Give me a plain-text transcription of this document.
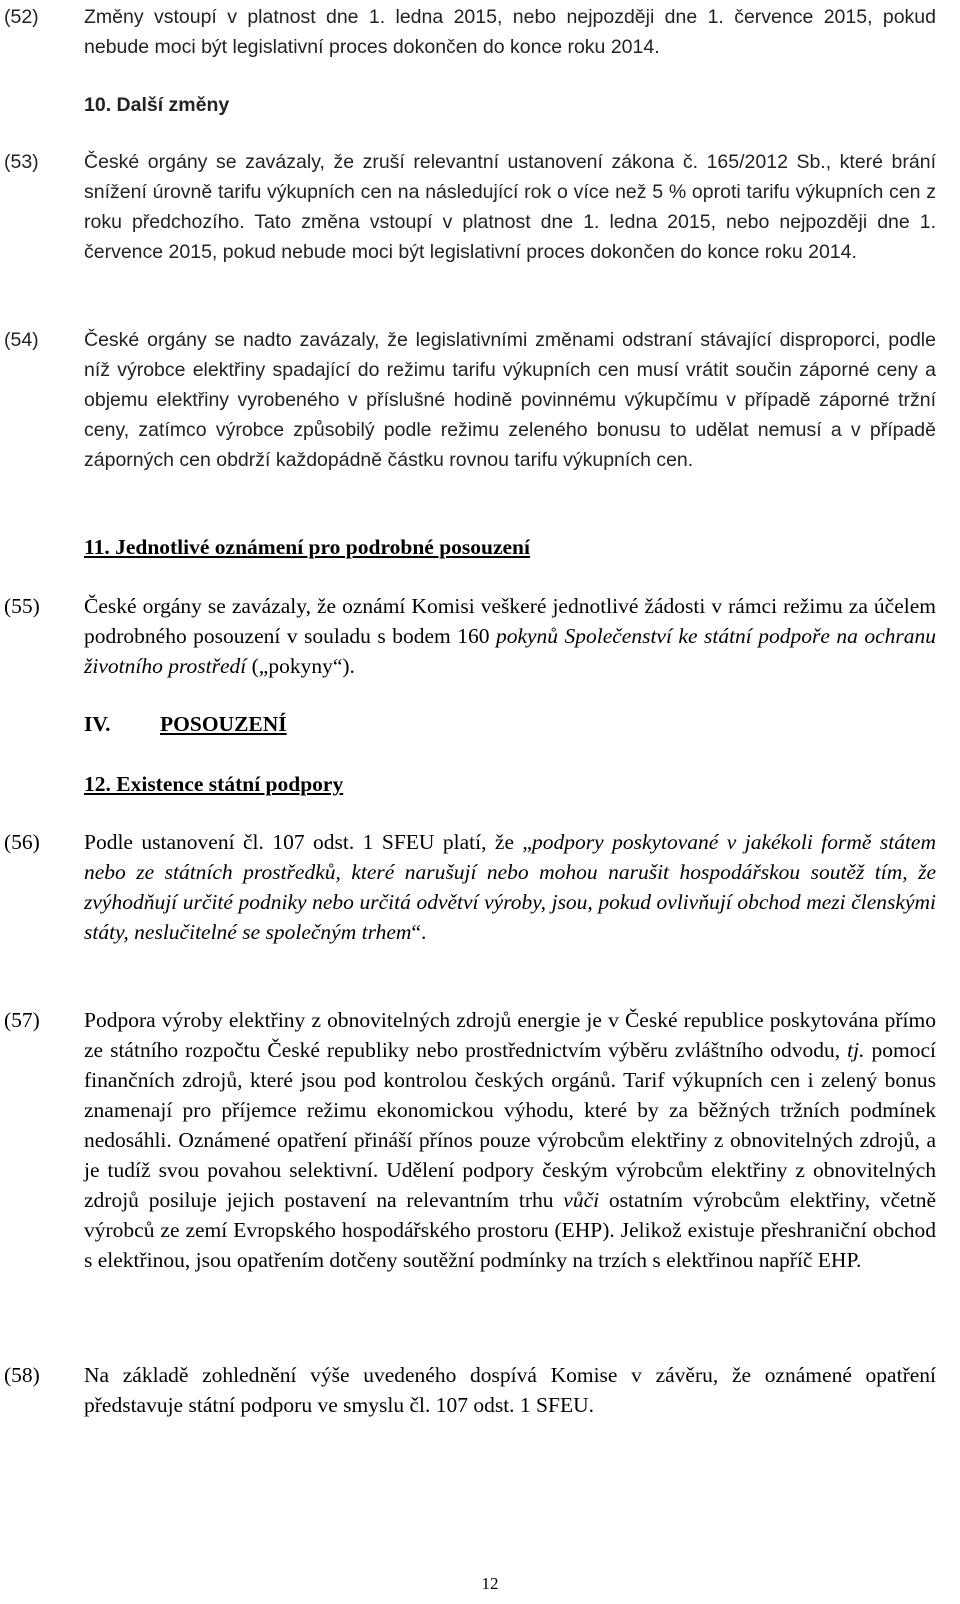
(52) Změny vstoupí v platnost dne 1. ledna 2015, nebo nejpozději dne 1. července 2015, pokud nebude moci být legislativní proces dokončen do konce roku 2014.
10. Další změny
(53) České orgány se zavázaly, že zruší relevantní ustanovení zákona č. 165/2012 Sb., které brání snížení úrovně tarifu výkupních cen na následující rok o více než 5 % oproti tarifu výkupních cen z roku předchozího. Tato změna vstoupí v platnost dne 1. ledna 2015, nebo nejpozději dne 1. července 2015, pokud nebude moci být legislativní proces dokončen do konce roku 2014.
(54) České orgány se nadto zavázaly, že legislativními změnami odstraní stávající disproporci, podle níž výrobce elektřiny spadající do režimu tarifu výkupních cen musí vrátit součin záporné ceny a objemu elektřiny vyrobeného v příslušné hodině povinnému výkupčímu v případě záporné tržní ceny, zatímco výrobce způsobilý podle režimu zeleného bonusu to udělat nemusí a v případě záporných cen obdrží každopádně částku rovnou tarifu výkupních cen.
11. Jednotlivé oznámení pro podrobné posouzení
(55) České orgány se zavázaly, že oznámí Komisi veškeré jednotlivé žádosti v rámci režimu za účelem podrobného posouzení v souladu s bodem 160 pokynů Společenství ke státní podpoře na ochranu životního prostředí („pokyny“).
IV. POSOUZENÍ
12. Existence státní podpory
(56) Podle ustanovení čl. 107 odst. 1 SFEU platí, že „podpory poskytované v jakékoli formě státem nebo ze státních prostředků, které narušují nebo mohou narušit hospodářskou soutěž tím, že zvýhodňují určité podniky nebo určitá odvětví výroby, jsou, pokud ovlivňují obchod mezi členskými státy, neslučitelné se společným trhem“.
(57) Podpora výroby elektřiny z obnovitelných zdrojů energie je v České republice poskytována přímo ze státního rozpočtu České republiky nebo prostřednictvím výběru zvláštního odvodu, tj. pomocí finančních zdrojů, které jsou pod kontrolou českých orgánů. Tarif výkupních cen i zelený bonus znamenají pro příjemce režimu ekonomickou výhodu, které by za běžných tržních podmínek nedosáhli. Oznámené opatření přináší přínos pouze výrobcům elektřiny z obnovitelných zdrojů, a je tudíž svou povahou selektivní. Udělení podpory českým výrobcům elektřiny z obnovitelných zdrojů posiluje jejich postavení na relevantním trhu vůči ostatním výrobcům elektřiny, včetně výrobců ze zemí Evropského hospodářského prostoru (EHP). Jelikož existuje přeshraniční obchod s elektřinou, jsou opatřením dotčeny soutěžní podmínky na trzích s elektřinou napříč EHP.
(58) Na základě zohlednění výše uvedeného dospívá Komise v závěru, že oznámené opatření představuje státní podporu ve smyslu čl. 107 odst. 1 SFEU.
12
